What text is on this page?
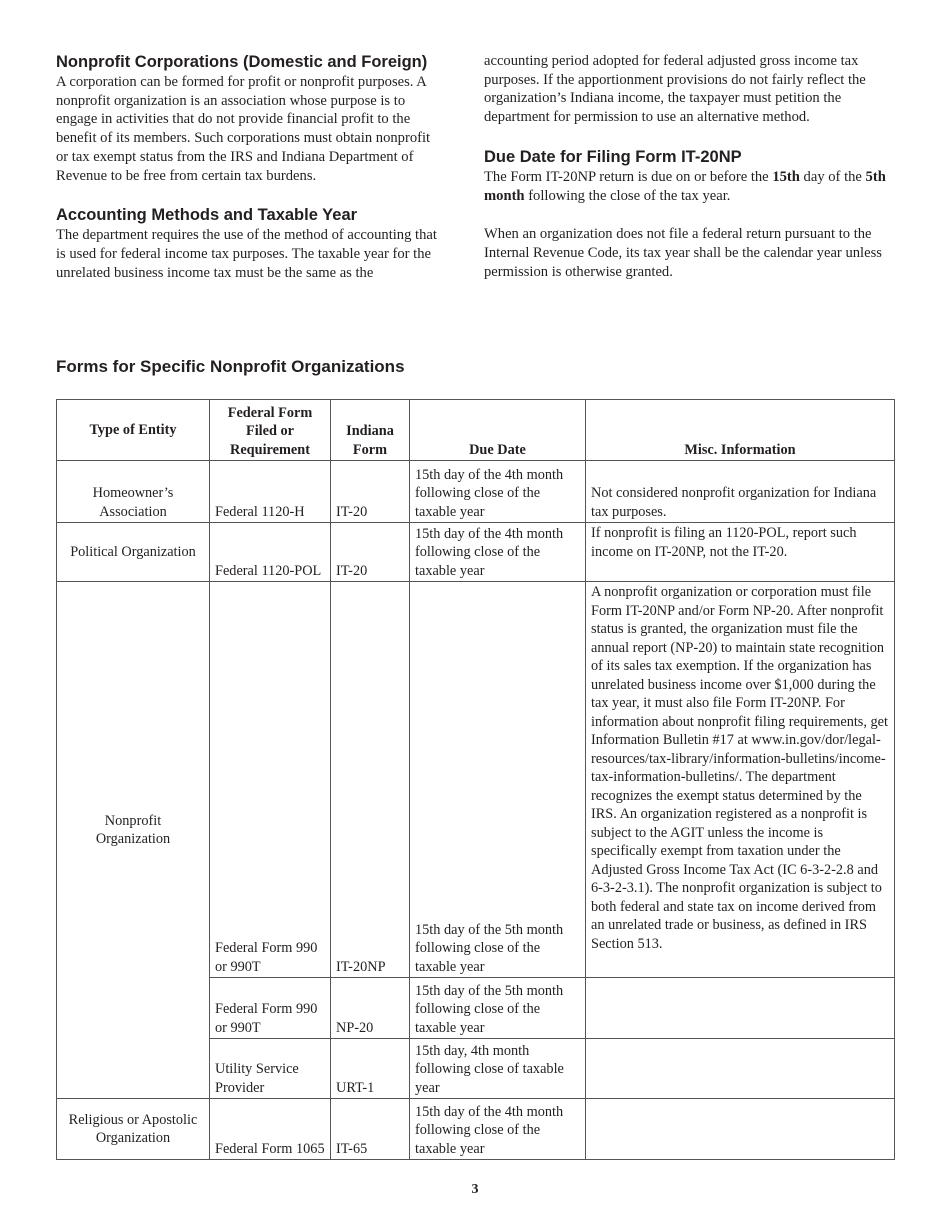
Nonprofit Corporations (Domestic and Foreign)

A corporation can be formed for profit or nonprofit purposes. A nonprofit organization is an association whose purpose is to engage in activities that do not provide financial profit to the benefit of its members. Such corporations must obtain nonprofit or tax exempt status from the IRS and Indiana Department of Revenue to be free from certain tax burdens.

Accounting Methods and Taxable Year

The department requires the use of the method of accounting that is used for federal income tax purposes. The taxable year for the unrelated business income tax must be the same as the

accounting period adopted for federal adjusted gross income tax purposes. If the apportionment provisions do not fairly reflect the organization’s Indiana income, the taxpayer must petition the department for permission to use an alternative method.

Due Date for Filing Form IT-20NP

The Form IT-20NP return is due on or before the 15th day of the 5th month following the close of the tax year.

When an organization does not file a federal return pursuant to the Internal Revenue Code, its tax year shall be the calendar year unless permission is otherwise granted.

Forms for Specific Nonprofit Organizations
Type of Entity	Federal Form Filed or Requirement	Indiana Form	Due Date	Misc. Information
Homeowner’s Association	Federal 1120-H	IT-20	15th day of the 4th month following close of the taxable year	Not considered nonprofit organization for Indiana tax purposes.
Political Organization	Federal 1120-POL	IT-20	15th day of the 4th month following close of the taxable year	If nonprofit is filing an 1120-POL, report such income on IT-20NP, not the IT-20.

Nonprofit Organization	Federal Form 990 or 990T	IT-20NP	15th day of the 5th month following close of the taxable year	A nonprofit organization or corporation must file Form IT-20NP and/or Form NP-20. After nonprofit status is granted, the organization must file the annual report (NP-20) to maintain state recognition of its sales tax exemption. If the organization has unrelated business income over $1,000 during the tax year, it must also file Form IT-20NP. For information about nonprofit filing requirements, get Information Bulletin #17 at www.in.gov/dor/legal-resources/tax-library/information-bulletins/income-tax-information-bulletins/. The department recognizes the exempt status determined by the IRS. An organization registered as a nonprofit is subject to the AGIT unless the income is specifically exempt from taxation under the Adjusted Gross Income Tax Act (IC 6-3-2-2.8 and 6-3-2-3.1). The nonprofit organization is subject to both federal and state tax on income derived from an unrelated trade or business, as defined in IRS Section 513.
	Federal Form 990 or 990T	NP-20	15th day of the 5th month following close of the taxable year	
	Utility Service Provider	URT-1	15th day, 4th month following close of taxable year	
Religious or Apostolic Organization	Federal Form 1065	IT-65	15th day of the 4th month following close of the taxable year	
3
